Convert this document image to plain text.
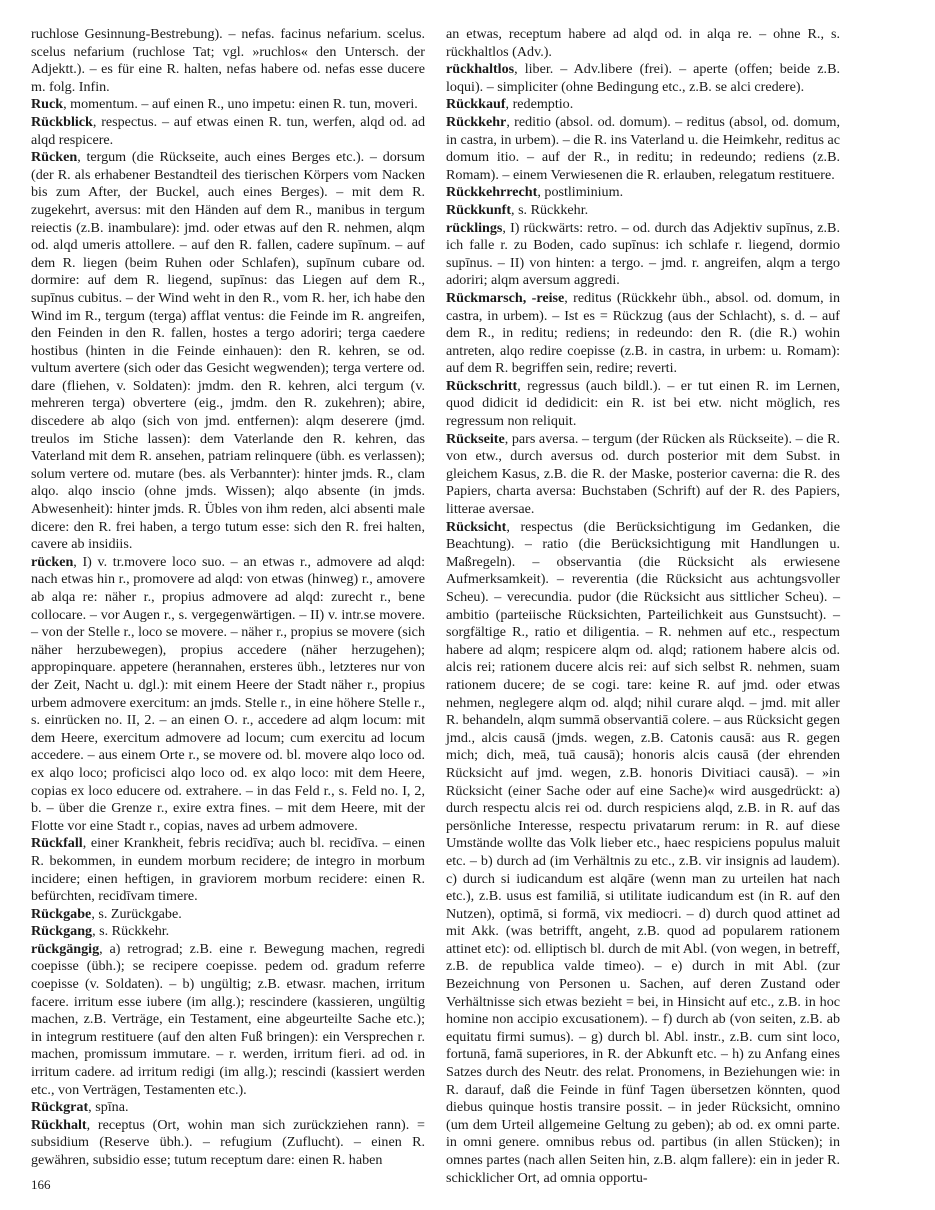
ruchlose Gesinnung-Bestrebung). – nefas. facinus nefarium. scelus. scelus nefarium (ruchlose Tat; vgl. »ruchlos« den Untersch. der Adjektt.). – es für eine R. halten, nefas habere od. nefas esse ducere m. folg. Infin.

Ruck, momentum. – auf einen R., uno impetu: einen R. tun, moveri.

Rückblick, respectus. – auf etwas einen R. tun, werfen, alqd od. ad alqd respicere.

Rücken, tergum (die Rückseite, auch eines Berges etc.). – dorsum (der R. als erhabener Bestandteil des tierischen Körpers vom Nacken bis zum After, der Buckel, auch eines Berges). – mit dem R. zugekehrt, aversus: mit den Händen auf dem R., manibus in tergum reiectis (z.B. inambulare): jmd. oder etwas auf den R. nehmen, alqm od. alqd umeris attollere. – auf den R. fallen, cadere supīnum. – auf dem R. liegen (beim Ruhen oder Schlafen), supīnum cubare od. dormire: auf dem R. liegend, supīnus: das Liegen auf dem R., supīnus cubitus. – der Wind weht in den R., vom R. her, ich habe den Wind im R., tergum (terga) afflat ventus: die Feinde im R. angreifen, den Feinden in den R. fallen, hostes a tergo adoriri; terga caedere hostibus (hinten in die Feinde einhauen): den R. kehren, se od. vultum avertere (sich oder das Gesicht wegwenden); terga vertere od. dare (fliehen, v. Soldaten): jmdm. den R. kehren, alci tergum (v. mehreren terga) obvertere (eig., jmdm. den R. zukehren); abire, discedere ab alqo (sich von jmd. entfernen): alqm deserere (jmd. treulos im Stiche lassen): dem Vaterlande den R. kehren, das Vaterland mit dem R. ansehen, patriam relinquere (übh. es verlassen); solum vertere od. mutare (bes. als Verbannter): hinter jmds. R., clam alqo. alqo inscio (ohne jmds. Wissen); alqo absente (in jmds. Abwesenheit): hinter jmds. R. Übles von ihm reden, alci absenti male dicere: den R. frei haben, a tergo tutum esse: sich den R. frei halten, cavere ab insidiis.

rücken, I) v. tr.movere loco suo. – an etwas r., admovere ad alqd: nach etwas hin r., promovere ad alqd: von etwas (hinweg) r., amovere ab alqa re: näher r., propius admovere ad alqd: zurecht r., bene collocare. – vor Augen r., s. vergegenwärtigen. – II) v. intr.se movere. – von der Stelle r., loco se movere. – näher r., propius se movere (sich näher herzubewegen), propius accedere (näher herzugehen); appropinquare. appetere (herannahen, ersteres übh., letzteres nur von der Zeit, Nacht u. dgl.): mit einem Heere der Stadt näher r., propius urbem admovere exercitum: an jmds. Stelle r., in eine höhere Stelle r., s. einrücken no. II, 2. – an einen O. r., accedere ad alqm locum: mit dem Heere, exercitum admovere ad locum; cum exercitu ad locum accedere. – aus einem Orte r., se movere od. bl. movere alqo loco od. ex alqo loco; proficisci alqo loco od. ex alqo loco: mit dem Heere, copias ex loco educere od. extrahere. – in das Feld r., s. Feld no. I, 2, b. – über die Grenze r., exire extra fines. – mit dem Heere, mit der Flotte vor eine Stadt r., copias, naves ad urbem admovere.

Rückfall, einer Krankheit, febris recidīva; auch bl. recidīva. – einen R. bekommen, in eundem morbum recidere; de integro in morbum incidere; einen heftigen, in graviorem morbum recidere: einen R. befürchten, recidīvam timere.

Rückgabe, s. Zurückgabe.

Rückgang, s. Rückkehr.

rückgängig, a) retrograd; z.B. eine r. Bewegung machen, regredi coepisse (übh.); se recipere coepisse. pedem od. gradum referre coepisse (v. Soldaten). – b) ungültig; z.B. etwasr. machen, irritum facere. irritum esse iubere (im allg.); rescindere (kassieren, ungültig machen, z.B. Verträge, ein Testament, eine abgeurteilte Sache etc.); in integrum restituere (auf den alten Fuß bringen): ein Versprechen r. machen, promissum immutare. – r. werden, irritum fieri. ad od. in irritum cadere. ad irritum redigi (im allg.); rescindi (kassiert werden etc., von Verträgen, Testamenten etc.).

Rückgrat, spīna.

Rückhalt, receptus (Ort, wohin man sich zurückziehen rann). = subsidium (Reserve übh.). – refugium (Zuflucht). – einen R. gewähren, subsidio esse; tutum receptum dare: einen R. haben

an etwas, receptum habere ad alqd od. in alqa re. – ohne R., s. rückhaltlos (Adv.).

rückhaltlos, liber. – Adv.libere (frei). – aperte (offen; beide z.B. loqui). – simpliciter (ohne Bedingung etc., z.B. se alci credere).

Rückkauf, redemptio.

Rückkehr, reditio (absol. od. domum). – reditus (absol, od. domum, in castra, in urbem). – die R. ins Vaterland u. die Heimkehr, reditus ac domum itio. – auf der R., in reditu; in redeundo; rediens (z.B. Romam). – einem Verwiesenen die R. erlauben, relegatum restituere.

Rückkehrrecht, postliminium.

Rückkunft, s. Rückkehr.

rücklings, I) rückwärts: retro. – od. durch das Adjektiv supīnus, z.B. ich falle r. zu Boden, cado supīnus: ich schlafe r. liegend, dormio supīnus. – II) von hinten: a tergo. – jmd. r. angreifen, alqm a tergo adoriri; alqm aversum aggredi.

Rückmarsch, -reise, reditus (Rückkehr übh., absol. od. domum, in castra, in urbem). – Ist es = Rückzug (aus der Schlacht), s. d. – auf dem R., in reditu; rediens; in redeundo: den R. (die R.) wohin antreten, alqo redire coepisse (z.B. in castra, in urbem: u. Romam): auf dem R. begriffen sein, redire; reverti.

Rückschritt, regressus (auch bildl.). – er tut einen R. im Lernen, quod didicit id dedidicit: ein R. ist bei etw. nicht möglich, res regressum non reliquit.

Rückseite, pars aversa. – tergum (der Rücken als Rückseite). – die R. von etw., durch aversus od. durch posterior mit dem Subst. in gleichem Kasus, z.B. die R. der Maske, posterior caverna: die R. des Papiers, charta aversa: Buchstaben (Schrift) auf der R. des Papiers, litterae aversae.

Rücksicht, respectus (die Berücksichtigung im Gedanken, die Beachtung). – ratio (die Berücksichtigung mit Handlungen u. Maßregeln). – observantia (die Rücksicht als erwiesene Aufmerksamkeit). – reverentia (die Rücksicht aus achtungsvoller Scheu). – verecundia. pudor (die Rücksicht aus sittlicher Scheu). – ambitio (parteiische Rücksichten, Parteilichkeit aus Gunstsucht). – sorgfältige R., ratio et diligentia. – R. nehmen auf etc., respectum habere ad alqm; respicere alqm od. alqd; rationem habere alcis od. alcis rei; rationem ducere alcis rei: auf sich selbst R. nehmen, suam rationem ducere; de se cogi. tare: keine R. auf jmd. oder etwas nehmen, neglegere alqm od. alqd; nihil curare alqd. – jmd. mit aller R. behandeln, alqm summā observantiā colere. – aus Rücksicht gegen jmd., alcis causā (jmds. wegen, z.B. Catonis causā: aus R. gegen mich; dich, meā, tuā causā); honoris alcis causā (der ehrenden Rücksicht auf jmd. wegen, z.B. honoris Divitiaci causā). – »in Rücksicht (einer Sache oder auf eine Sache)« wird ausgedrückt: a) durch respectu alcis rei od. durch respiciens alqd, z.B. in R. auf das persönliche Interesse, respectu privatarum rerum: in R. auf diese Umstände wollte das Volk lieber etc., haec respiciens populus maluit etc. – b) durch ad (im Verhältnis zu etc., z.B. vir insignis ad laudem). c) durch si iudicandum est alqāre (wenn man zu urteilen hat nach etc.), z.B. usus est familiā, si utilitate iudicandum est (in R. auf den Nutzen), optimā, si formā, vix mediocri. – d) durch quod attinet ad mit Akk. (was betrifft, angeht, z.B. quod ad popularem rationem attinet etc): od. elliptisch bl. durch de mit Abl. (von wegen, in betreff, z.B. de republica valde timeo). – e) durch in mit Abl. (zur Bezeichnung von Personen u. Sachen, auf deren Zustand oder Verhältnisse sich etwas bezieht = bei, in Hinsicht auf etc., z.B. in hoc homine non accipio excusationem). – f) durch ab (von seiten, z.B. ab equitatu firmi sumus). – g) durch bl. Abl. instr., z.B. cum sint loco, fortunā, famā superiores, in R. der Abkunft etc. – h) zu Anfang eines Satzes durch des Neutr. des relat. Pronomens, in Beziehungen wie: in R. darauf, daß die Feinde in fünf Tagen übersetzen könnten, quod diebus quinque hostis transire possit. – in jeder Rücksicht, omnino (um dem Urteil allgemeine Geltung zu geben); ab od. ex omni parte. in omni genere. omnibus rebus od. partibus (in allen Stücken); in omnes partes (nach allen Seiten hin, z.B. alqm fallere): ein in jeder R. schicklicher Ort, ad omnia opportu-

166
